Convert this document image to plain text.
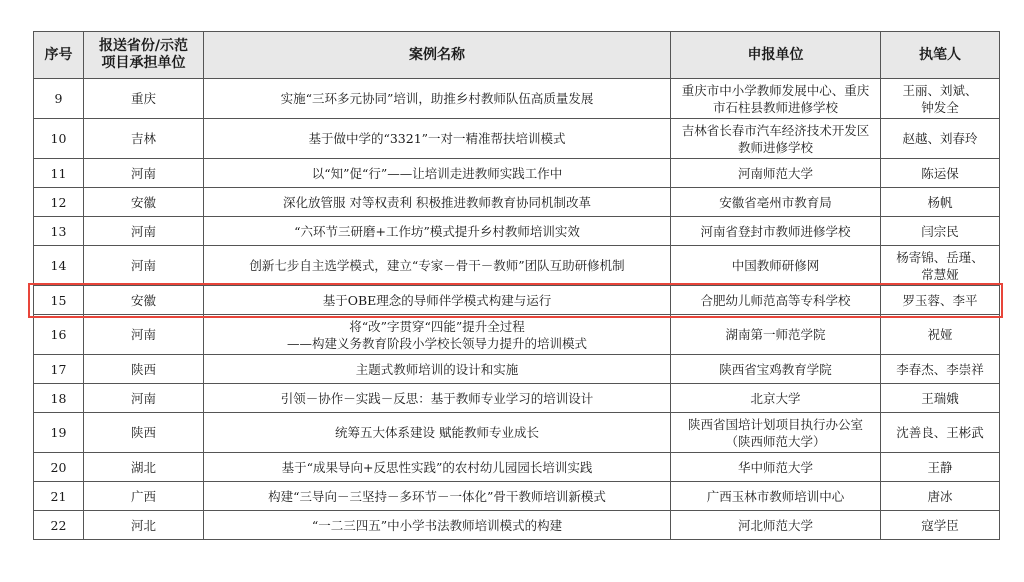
序号	报送省份/示范
项目承担单位	案例名称	申报单位	执笔人
9	重庆	实施“三环多元协同”培训，助推乡村教师队伍高质量发展	重庆市中小学教师发展中心、重庆
市石柱县教师进修学校	王丽、刘斌、
钟发全

10	吉林	基于做中学的“3321”一对一精准帮扶培训模式	吉林省长春市汽车经济技术开发区
教师进修学校	赵越、刘春玲

11	河南	以“知”促“行”——让培训走进教师实践工作中	河南师范大学	陈运保

12	安徽	深化放管服 对等权责利 积极推进教师教育协同机制改革	安徽省亳州市教育局	杨帆

13	河南	“六环节三研磨+工作坊”模式提升乡村教师培训实效	河南省登封市教师进修学校	闫宗民

14	河南	创新七步自主选学模式，建立“专家－骨干－教师”团队互助研修机制	中国教师研修网	杨寄锦、岳瑾、
常慧娅

15	安徽	基于OBE理念的导师伴学模式构建与运行	合肥幼儿师范高等专科学校	罗玉蓉、李平

16	河南	将“改”字贯穿“四能”提升全过程
——构建义务教育阶段小学校长领导力提升的培训模式	湖南第一师范学院	祝娅

17	陕西	主题式教师培训的设计和实施	陕西省宝鸡教育学院	李春杰、李崇祥

18	河南	引领－协作－实践－反思：基于教师专业学习的培训设计	北京大学	王瑞娥

19	陕西	统筹五大体系建设 赋能教师专业成长	陕西省国培计划项目执行办公室
（陕西师范大学）	沈善良、王彬武

20	湖北	基于“成果导向+反思性实践”的农村幼儿园园长培训实践	华中师范大学	王静

21	广西	构建“三导向－三坚持－多环节－一体化”骨干教师培训新模式	广西玉林市教师培训中心	唐冰

22	河北	“一二三四五”中小学书法教师培训模式的构建	河北师范大学	寇学臣
